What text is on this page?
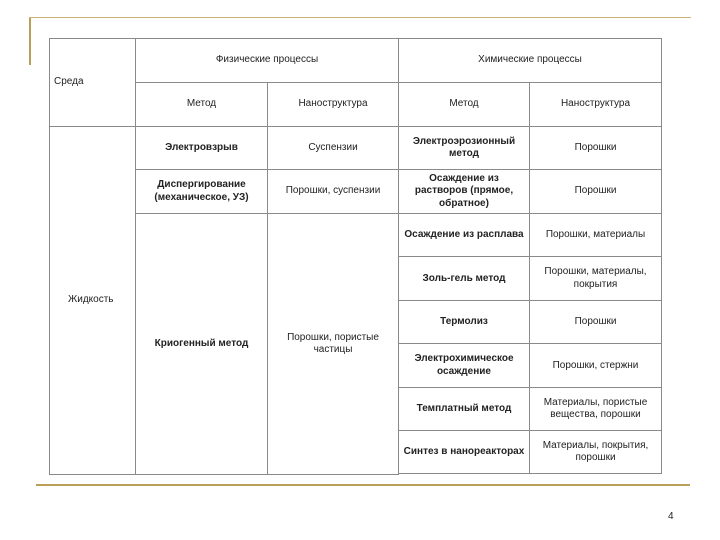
Среда	Физические процессы		Химические процессы	
	Метод	Наноструктура	Метод	Наноструктура
Жидкость	Электровзрыв	Суспензии	Электроэрозионный метод	Порошки
	Диспергирование (механическое, УЗ)	Порошки, суспензии	Осаждение из растворов (прямое, обратное)	Порошки
	Криогенный метод	Порошки, пористые частицы	Осаждение из расплава	Порошки, материалы
			Золь-гель метод	Порошки, материалы, покрытия
			Термолиз	Порошки
			Электрохимическое осаждение	Порошки, стержни
			Темплатный метод	Материалы, пористые вещества, порошки
			Синтез в нанореакторах	Материалы, покрытия, порошки

4
